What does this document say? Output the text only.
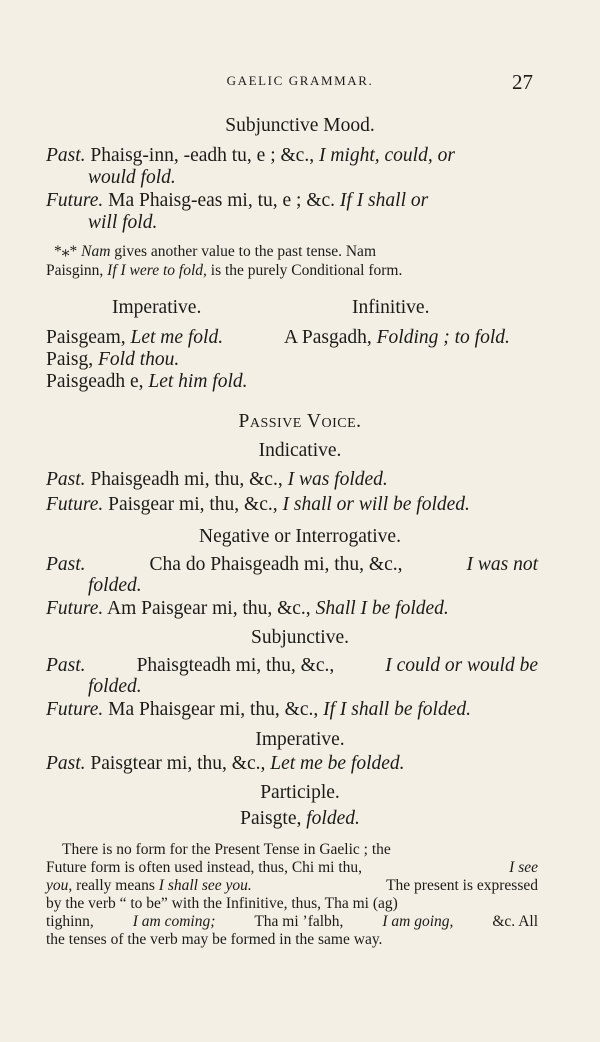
GAELIC GRAMMAR.	27
Subjunctive Mood.
Past. Phaisg-inn, -eadh tu, e ; &c., I might, could, or
would fold.
Future. Ma Phaisg-eas mi, tu, e ; &c. If I shall or
will fold.
*⁎* Nam gives another value to the past tense. Nam
Paisginn, If I were to fold, is the purely Conditional form.
Imperative.	Infinitive.
Paisgeam, Let me fold.	A Pasgadh, Folding ; to fold.
Paisg, Fold thou.
Paisgeadh e, Let him fold.
Passive Voice.
Indicative.
Past. Phaisgeadh mi, thu, &c., I was folded.
Future. Paisgear mi, thu, &c., I shall or will be folded.
Negative or Interrogative.
Past.	Cha do Phaisgeadh mi, thu, &c.,	I was not
folded.
Future. Am Paisgear mi, thu, &c., Shall I be folded.
Subjunctive.
Past.	Phaisgteadh mi, thu, &c.,	I could or would be
folded.
Future. Ma Phaisgear mi, thu, &c., If I shall be folded.
Imperative.
Past. Paisgtear mi, thu, &c., Let me be folded.
Participle.
Paisgte, folded.
There is no form for the Present Tense in Gaelic ; the
Future form is often used instead, thus, Chi mi thu,	I see
you, really means I shall see you.	The present is expressed
by the verb “ to be” with the Infinitive, thus, Tha mi (ag)
tighinn,	I am coming;	Tha mi ’falbh,	I am going,	&c. All
the tenses of the verb may be formed in the same way.
